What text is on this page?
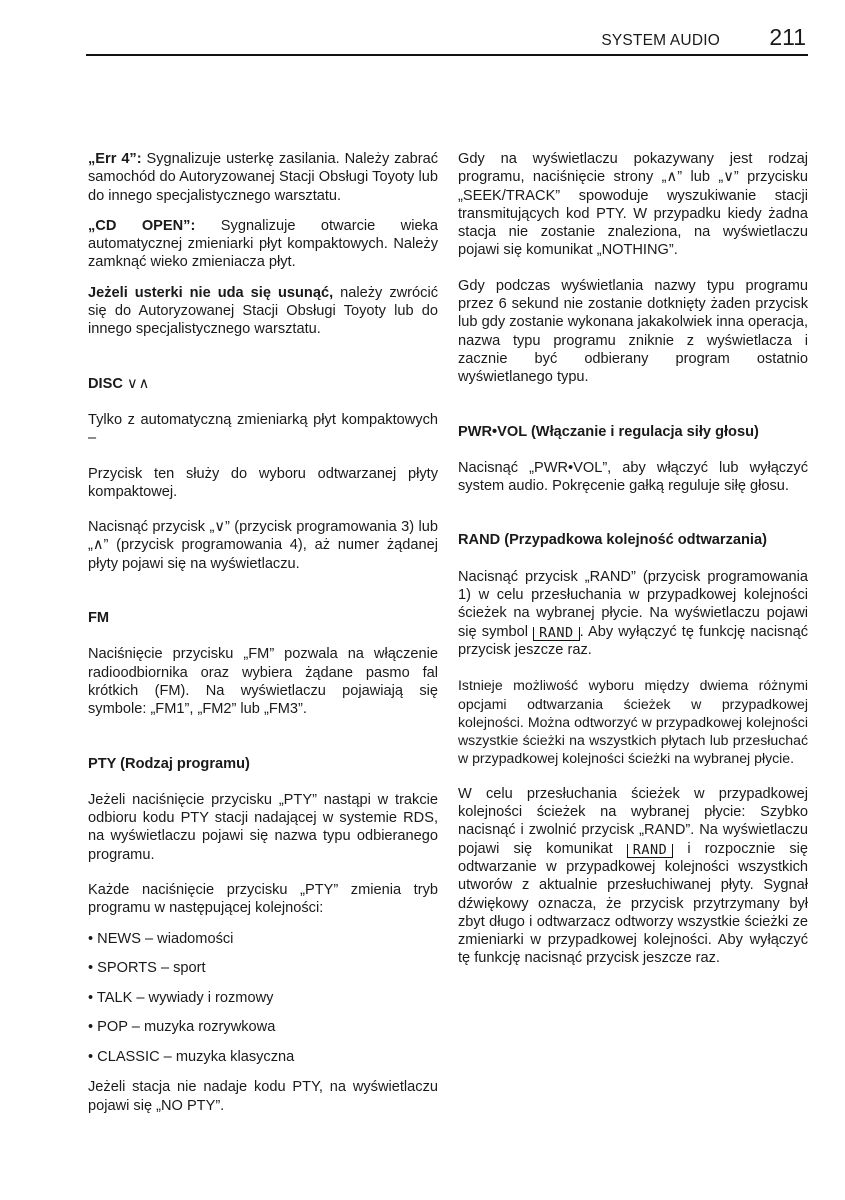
SYSTEM AUDIO 211

„Err 4”: Sygnalizuje usterkę zasilania. Należy zabrać samochód do Autoryzowanej Stacji Obsługi Toyoty lub do innego specjalistycznego warsztatu.

„CD OPEN”: Sygnalizuje otwarcie wieka automatycznej zmieniarki płyt kompaktowych. Należy zamknąć wieko zmieniacza płyt.

Jeżeli usterki nie uda się usunąć, należy zwrócić się do Autoryzowanej Stacji Obsługi Toyoty lub do innego specjalistycznego warsztatu.

DISC ∨∧

Tylko z automatyczną zmieniarką płyt kompaktowych –

Przycisk ten służy do wyboru odtwarzanej płyty kompaktowej.

Nacisnąć przycisk „∨” (przycisk programowania 3) lub „∧” (przycisk programowania 4), aż numer żądanej płyty pojawi się na wyświetlaczu.

FM

Naciśnięcie przycisku „FM” pozwala na włączenie radioodbiornika oraz wybiera żądane pasmo fal krótkich (FM). Na wyświetlaczu pojawiają się symbole: „FM1”, „FM2” lub „FM3”.

PTY (Rodzaj programu)

Jeżeli naciśnięcie przycisku „PTY” nastąpi w trakcie odbioru kodu PTY stacji nadającej w systemie RDS, na wyświetlaczu pojawi się nazwa typu odbieranego programu.

Każde naciśnięcie przycisku „PTY” zmienia tryb programu w następującej kolejności:

• NEWS – wiadomości
• SPORTS – sport
• TALK – wywiady i rozmowy
• POP – muzyka rozrywkowa
• CLASSIC – muzyka klasyczna

Jeżeli stacja nie nadaje kodu PTY, na wyświetlaczu pojawi się „NO PTY”.

Gdy na wyświetlaczu pokazywany jest rodzaj programu, naciśnięcie strony „∧” lub „∨” przycisku „SEEK/TRACK” spowoduje wyszukiwanie stacji transmitujących kod PTY. W przypadku kiedy żadna stacja nie zostanie znaleziona, na wyświetlaczu pojawi się komunikat „NOTHING”.

Gdy podczas wyświetlania nazwy typu programu przez 6 sekund nie zostanie dotknięty żaden przycisk lub gdy zostanie wykonana jakakolwiek inna operacja, nazwa typu programu zniknie z wyświetlacza i zacznie być odbierany program ostatnio wyświetlanego typu.

PWR•VOL (Włączanie i regulacja siły głosu)

Nacisnąć „PWR•VOL”, aby włączyć lub wyłączyć system audio. Pokręcenie gałką reguluje siłę głosu.

RAND (Przypadkowa kolejność odtwarzania)

Nacisnąć przycisk „RAND” (przycisk programowania 1) w celu przesłuchania w przypadkowej kolejności ścieżek na wybranej płycie. Na wyświetlaczu pojawi się symbol RAND . Aby wyłączyć tę funkcję nacisnąć przycisk jeszcze raz.

Istnieje możliwość wyboru między dwiema różnymi opcjami odtwarzania ścieżek w przypadkowej kolejności. Można odtworzyć w przypadkowej kolejności wszystkie ścieżki na wszystkich płytach lub przesłuchać w przypadkowej kolejności ścieżki na wybranej płycie.

W celu przesłuchania ścieżek w przypadkowej kolejności ścieżek na wybranej płycie: Szybko nacisnąć i zwolnić przycisk „RAND”. Na wyświetlaczu pojawi się komunikat RAND i rozpocznie się odtwarzanie w przypadkowej kolejności wszystkich utworów z aktualnie przesłuchiwanej płyty. Sygnał dźwiękowy oznacza, że przycisk przytrzymany był zbyt długo i odtwarzacz odtworzy wszystkie ścieżki ze zmieniarki w przypadkowej kolejności. Aby wyłączyć tę funkcję nacisnąć przycisk jeszcze raz.
